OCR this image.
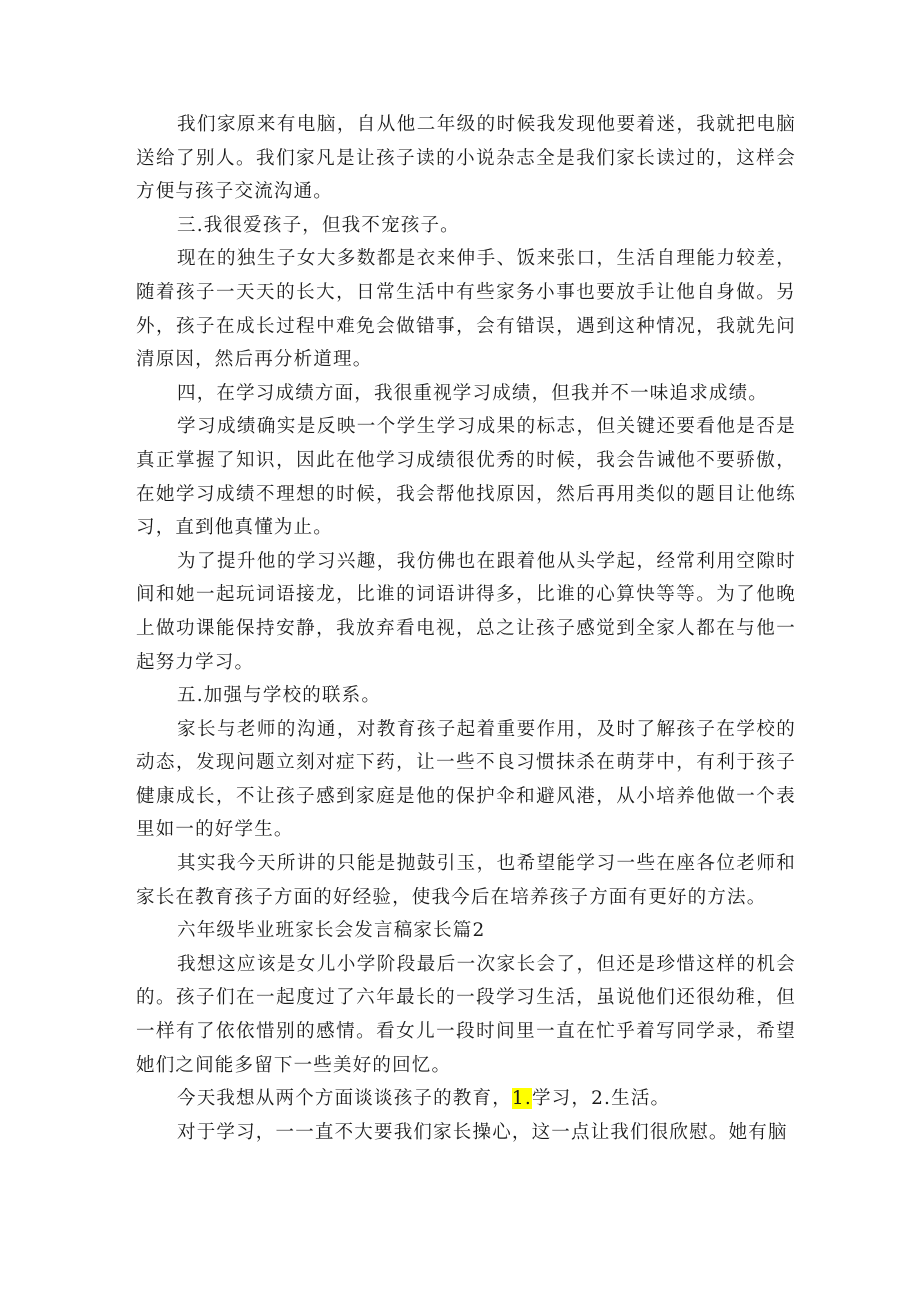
我们家原来有电脑，自从他二年级的时候我发现他要着迷，我就把电脑送给了别人。我们家凡是让孩子读的小说杂志全是我们家长读过的，这样会方便与孩子交流沟通。

三.我很爱孩子，但我不宠孩子。

现在的独生子女大多数都是衣来伸手、饭来张口，生活自理能力较差，随着孩子一天天的长大，日常生活中有些家务小事也要放手让他自身做。另外，孩子在成长过程中难免会做错事，会有错误，遇到这种情况，我就先问清原因，然后再分析道理。

四，在学习成绩方面，我很重视学习成绩，但我并不一味追求成绩。

学习成绩确实是反映一个学生学习成果的标志，但关键还要看他是否是真正掌握了知识，因此在他学习成绩很优秀的时候，我会告诫他不要骄傲，在她学习成绩不理想的时候，我会帮他找原因，然后再用类似的题目让他练习，直到他真懂为止。

为了提升他的学习兴趣，我仿佛也在跟着他从头学起，经常利用空隙时间和她一起玩词语接龙，比谁的词语讲得多，比谁的心算快等等。为了他晚上做功课能保持安静，我放弃看电视，总之让孩子感觉到全家人都在与他一起努力学习。

五.加强与学校的联系。

家长与老师的沟通，对教育孩子起着重要作用，及时了解孩子在学校的动态，发现问题立刻对症下药，让一些不良习惯抹杀在萌芽中，有利于孩子健康成长，不让孩子感到家庭是他的保护伞和避风港，从小培养他做一个表里如一的好学生。

其实我今天所讲的只能是抛鼓引玉，也希望能学习一些在座各位老师和家长在教育孩子方面的好经验，使我今后在培养孩子方面有更好的方法。

六年级毕业班家长会发言稿家长篇2

我想这应该是女儿小学阶段最后一次家长会了，但还是珍惜这样的机会的。孩子们在一起度过了六年最长的一段学习生活，虽说他们还很幼稚，但一样有了依依惜别的感情。看女儿一段时间里一直在忙乎着写同学录，希望她们之间能多留下一些美好的回忆。

今天我想从两个方面谈谈孩子的教育，1.学习，2.生活。

对于学习，一一直不大要我们家长操心，这一点让我们很欣慰。她有脑
